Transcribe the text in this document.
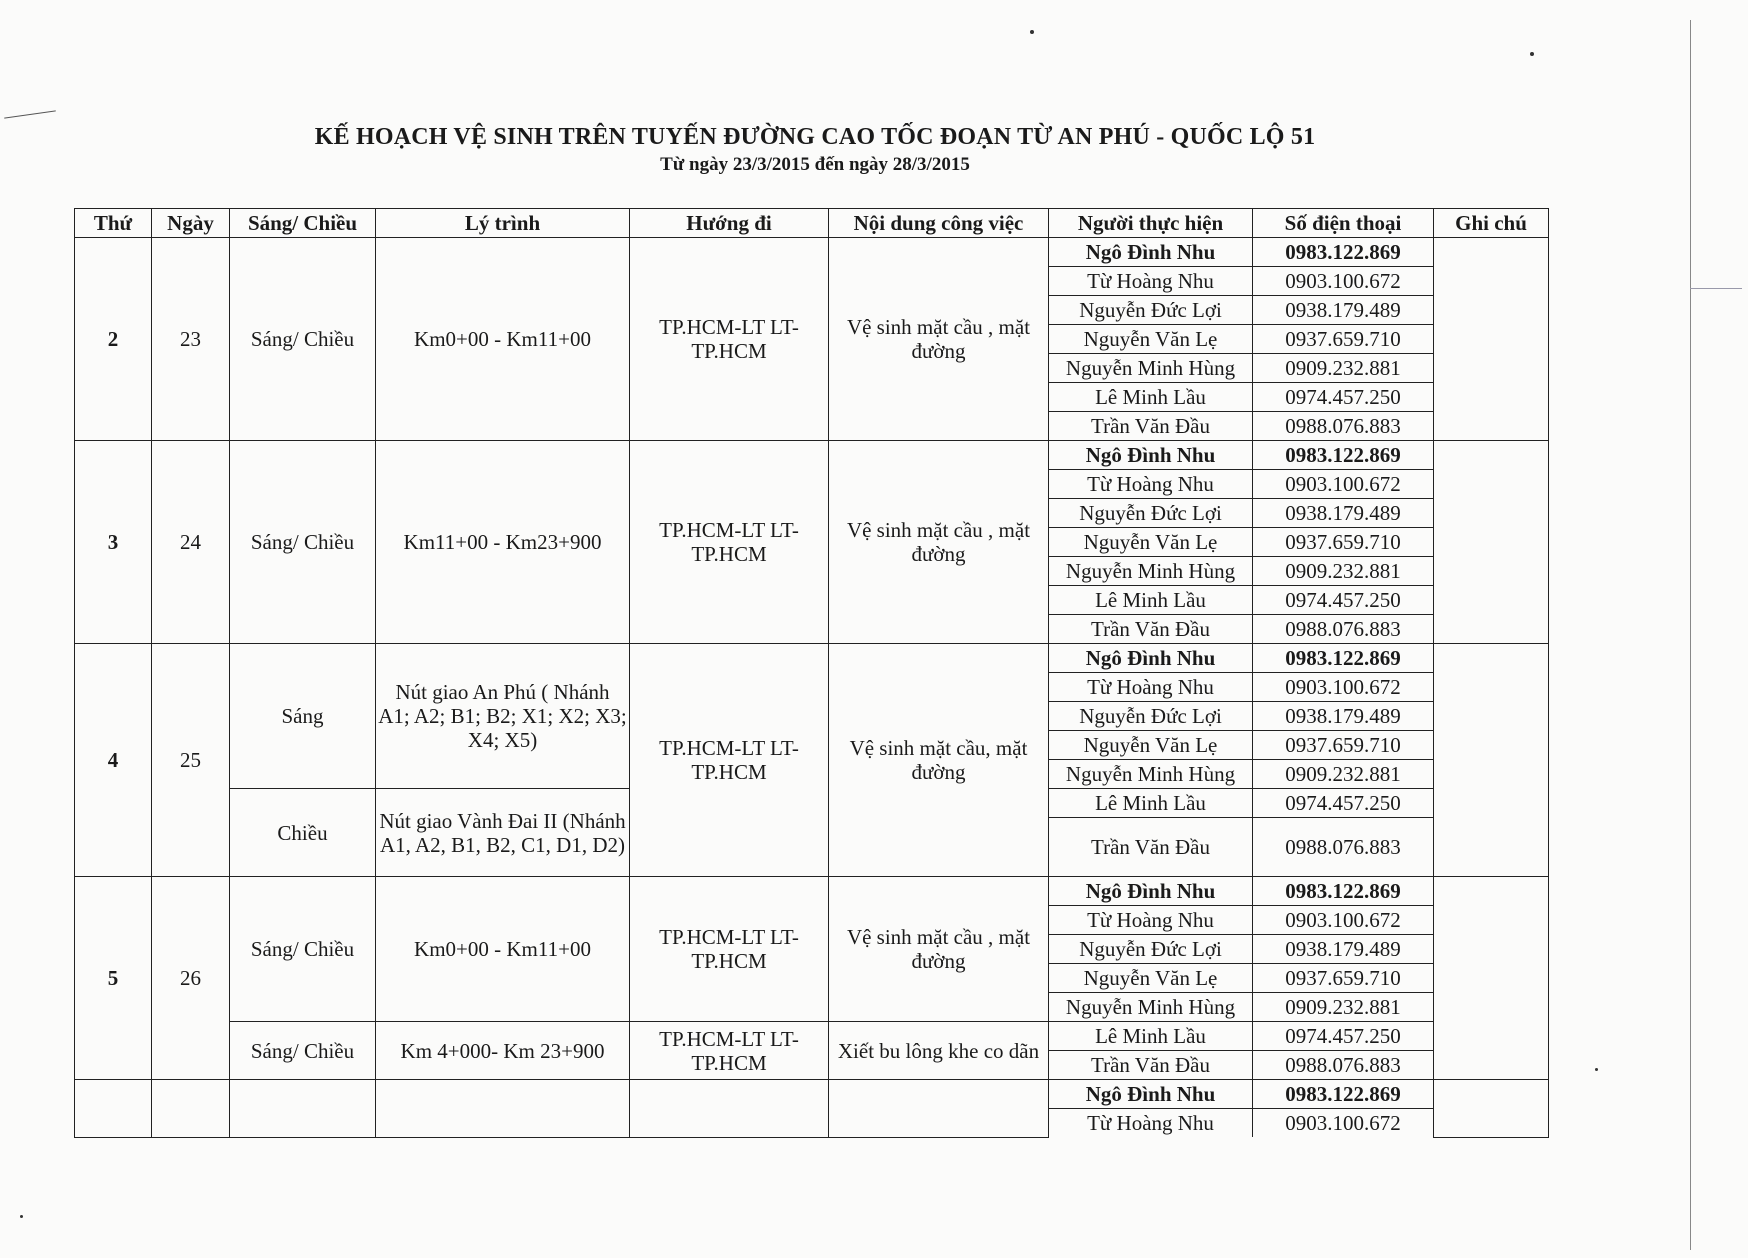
KẾ HOẠCH VỆ SINH TRÊN TUYẾN ĐƯỜNG CAO TỐC ĐOẠN TỪ AN PHÚ - QUỐC LỘ 51
Từ ngày 23/3/2015 đến ngày 28/3/2015
Thứ	Ngày	Sáng/ Chiều	Lý trình	Hướng đi	Nội dung công việc	Người thực hiện	Số điện thoại	Ghi chú
2	23	Sáng/ Chiều	Km0+00 - Km11+00	TP.HCM-LT LT-TP.HCM	Vệ sinh mặt cầu , mặt đường	Ngô Đình Nhu	0983.122.869	
						Từ Hoàng Nhu	0903.100.672	
						Nguyễn Đức Lợi	0938.179.489	
						Nguyễn Văn Lẹ	0937.659.710	
						Nguyễn Minh Hùng	0909.232.881	
						Lê Minh Lầu	0974.457.250	
						Trần Văn Đầu	0988.076.883	
3	24	Sáng/ Chiều	Km11+00 - Km23+900	TP.HCM-LT LT-TP.HCM	Vệ sinh mặt cầu , mặt đường	Ngô Đình Nhu	0983.122.869	
						Từ Hoàng Nhu	0903.100.672	
						Nguyễn Đức Lợi	0938.179.489	
						Nguyễn Văn Lẹ	0937.659.710	
						Nguyễn Minh Hùng	0909.232.881	
						Lê Minh Lầu	0974.457.250	
						Trần Văn Đầu	0988.076.883	
4	25	Sáng	Nút giao An Phú ( Nhánh A1; A2; B1; B2; X1; X2; X3; X4; X5)	TP.HCM-LT LT-TP.HCM	Vệ sinh mặt cầu, mặt đường	Ngô Đình Nhu	0983.122.869	
						Từ Hoàng Nhu	0903.100.672	
						Nguyễn Đức Lợi	0938.179.489	
						Nguyễn Văn Lẹ	0937.659.710	
						Nguyễn Minh Hùng	0909.232.881	
		Chiều	Nút giao Vành Đai II (Nhánh A1, A2, B1, B2, C1, D1, D2)			Lê Minh Lầu	0974.457.250	
						Trần Văn Đầu	0988.076.883	
5	26	Sáng/ Chiều	Km0+00 - Km11+00	TP.HCM-LT LT-TP.HCM	Vệ sinh mặt cầu , mặt đường	Ngô Đình Nhu	0983.122.869	
						Từ Hoàng Nhu	0903.100.672	
						Nguyễn Đức Lợi	0938.179.489	
						Nguyễn Văn Lẹ	0937.659.710	
						Nguyễn Minh Hùng	0909.232.881	
		Sáng/ Chiều	Km 4+000- Km 23+900	TP.HCM-LT LT-TP.HCM	Xiết bu lông khe co dãn	Lê Minh Lầu	0974.457.250	
						Trần Văn Đầu	0988.076.883	
						Ngô Đình Nhu	0983.122.869	
						Từ Hoàng Nhu	0903.100.672	
